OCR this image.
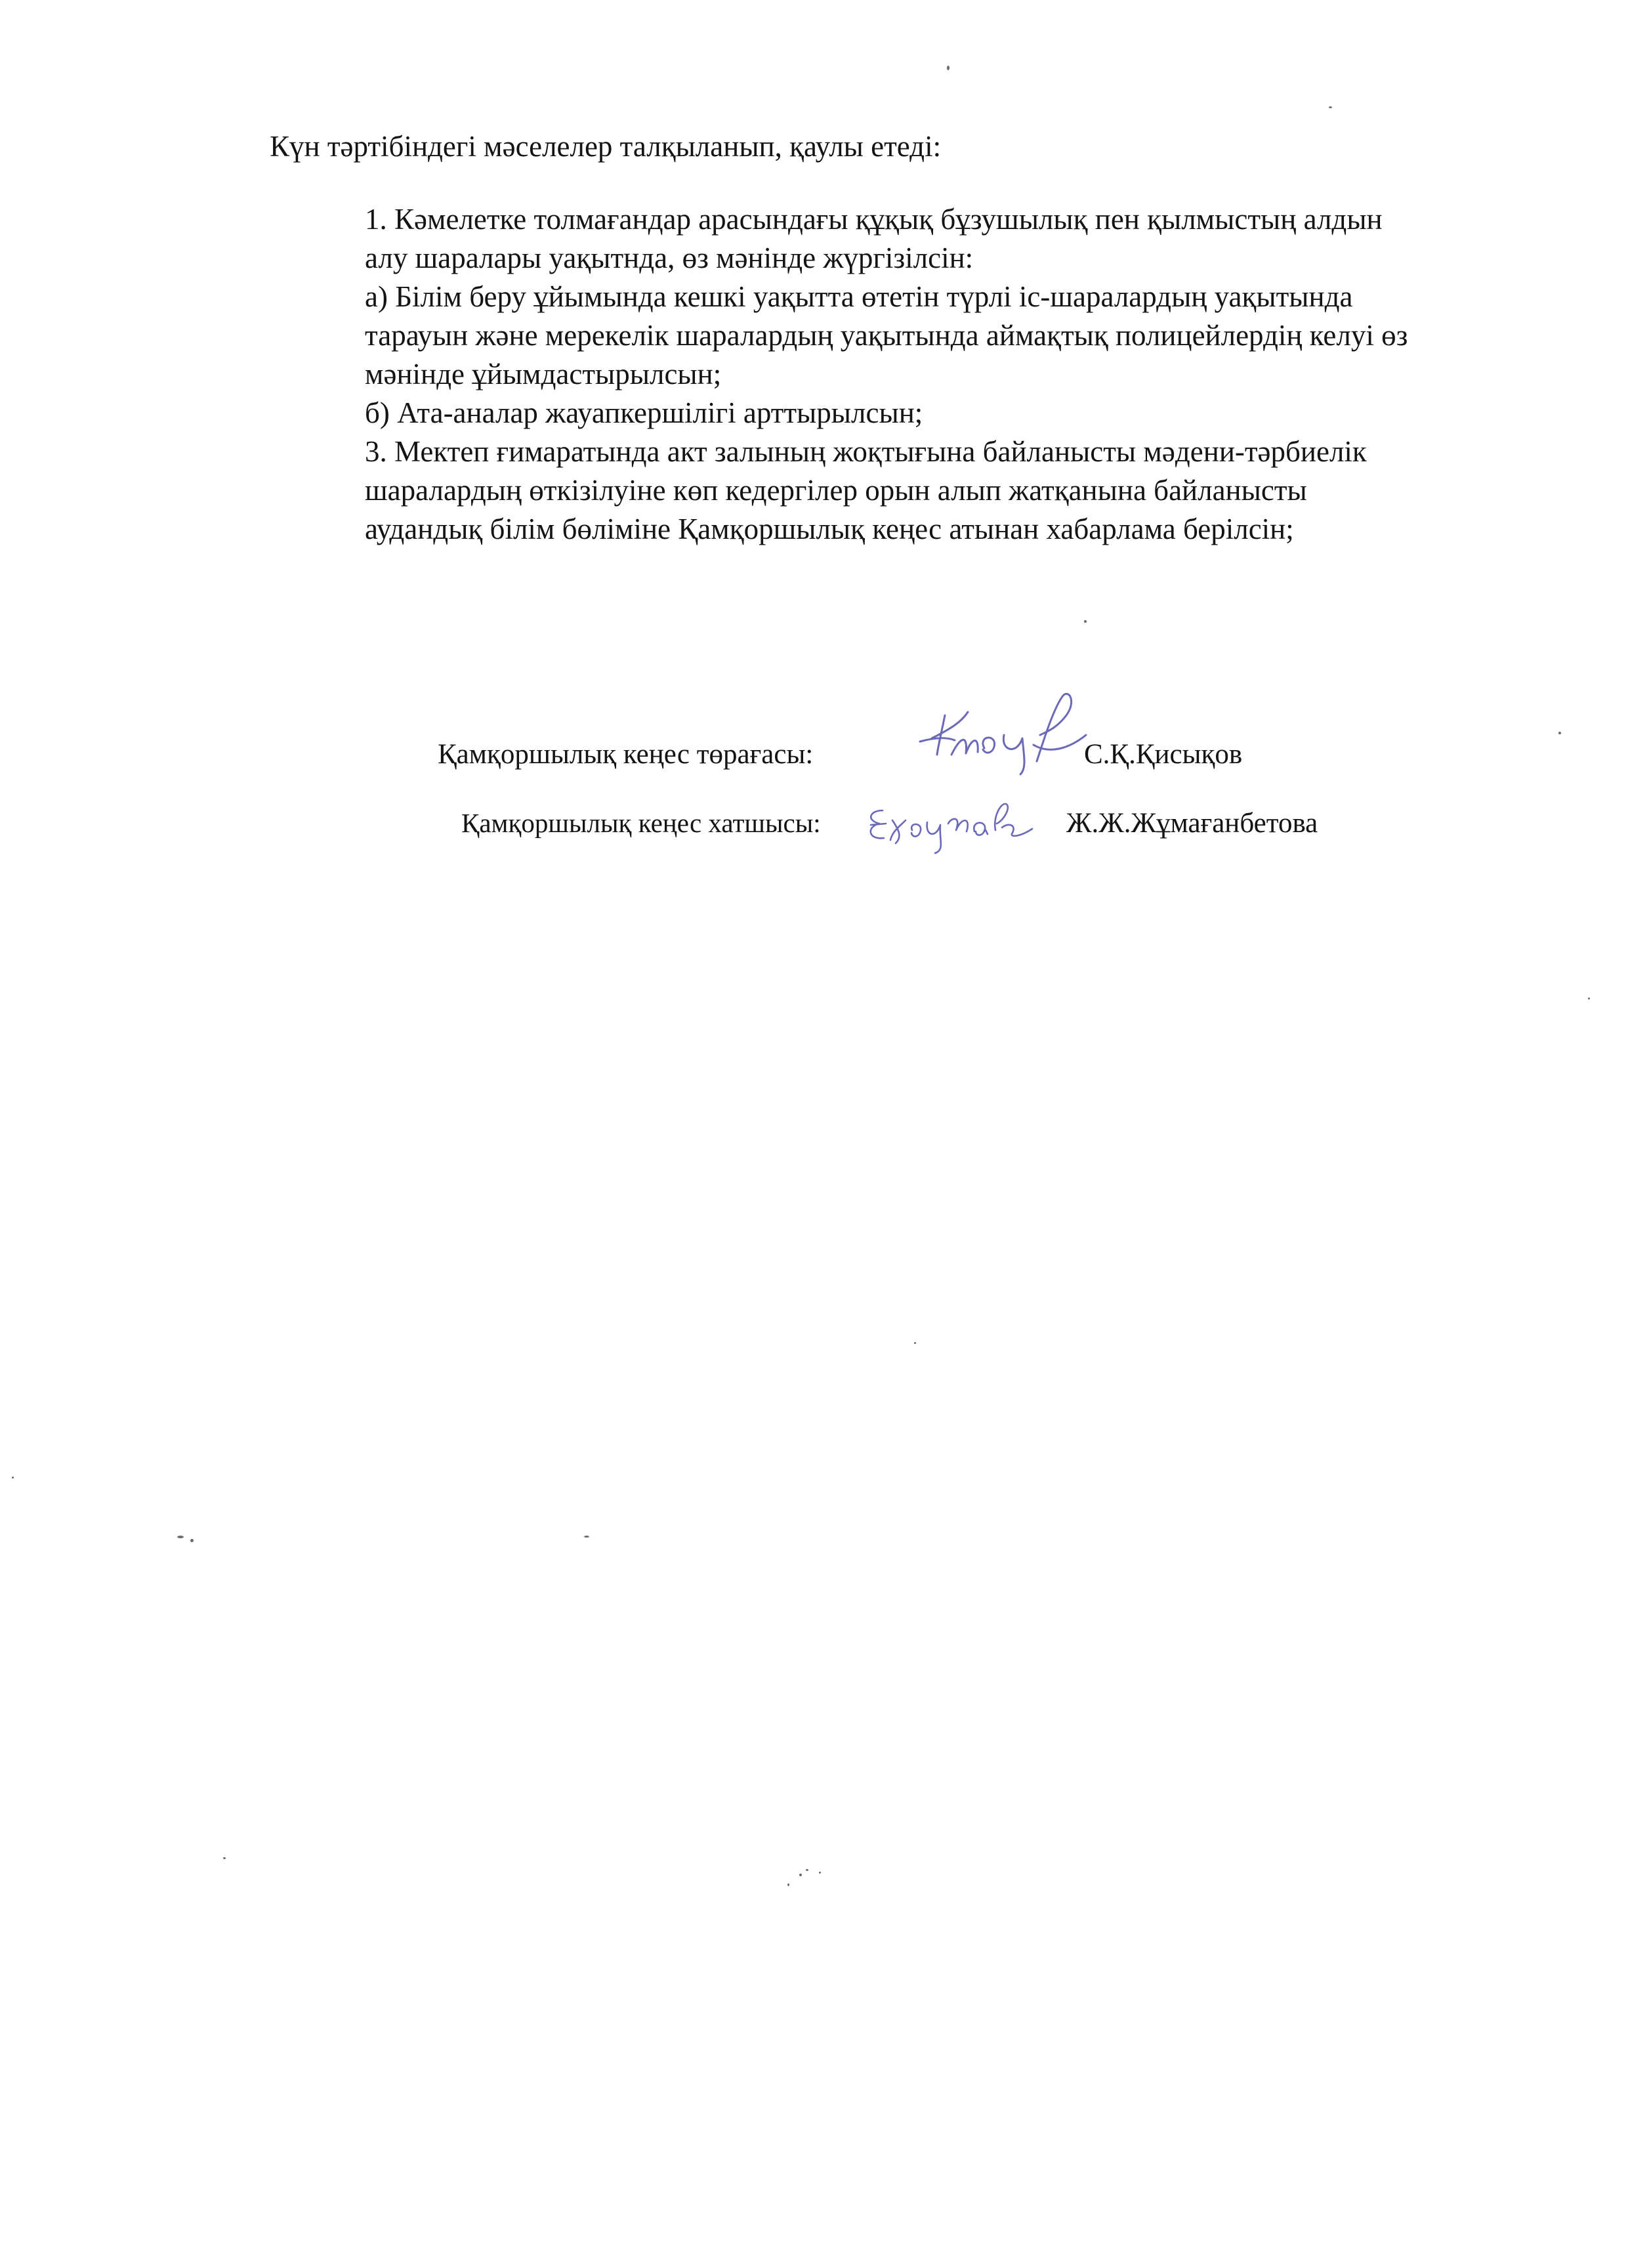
Күн тәртібіндегі мәселелер талқыланып, қаулы етеді:
1. Кәмелетке толмағандар арасындағы құқық бұзушылық пен қылмыстың алдын
алу шаралары уақытнда, өз мәнінде жүргізілсін:
а) Білім беру ұйымында кешкі уақытта өтетін түрлі іс-шаралардың уақытында
тарауын және мерекелік шаралардың уақытында аймақтық полицейлердің келуі өз
мәнінде ұйымдастырылсын;
б) Ата-аналар жауапкершілігі арттырылсын;
3. Мектеп ғимаратында акт залының жоқтығына байланысты мәдени-тәрбиелік
шаралардың өткізілуіне көп кедергілер орын алып жатқанына байланысты
аудандық білім бөліміне Қамқоршылық кеңес атынан хабарлама берілсін;
Қамқоршылық кеңес төрағасы:	С.Қ.Қисықов
Қамқоршылық кеңес хатшысы:	Ж.Ж.Жұмағанбетова
